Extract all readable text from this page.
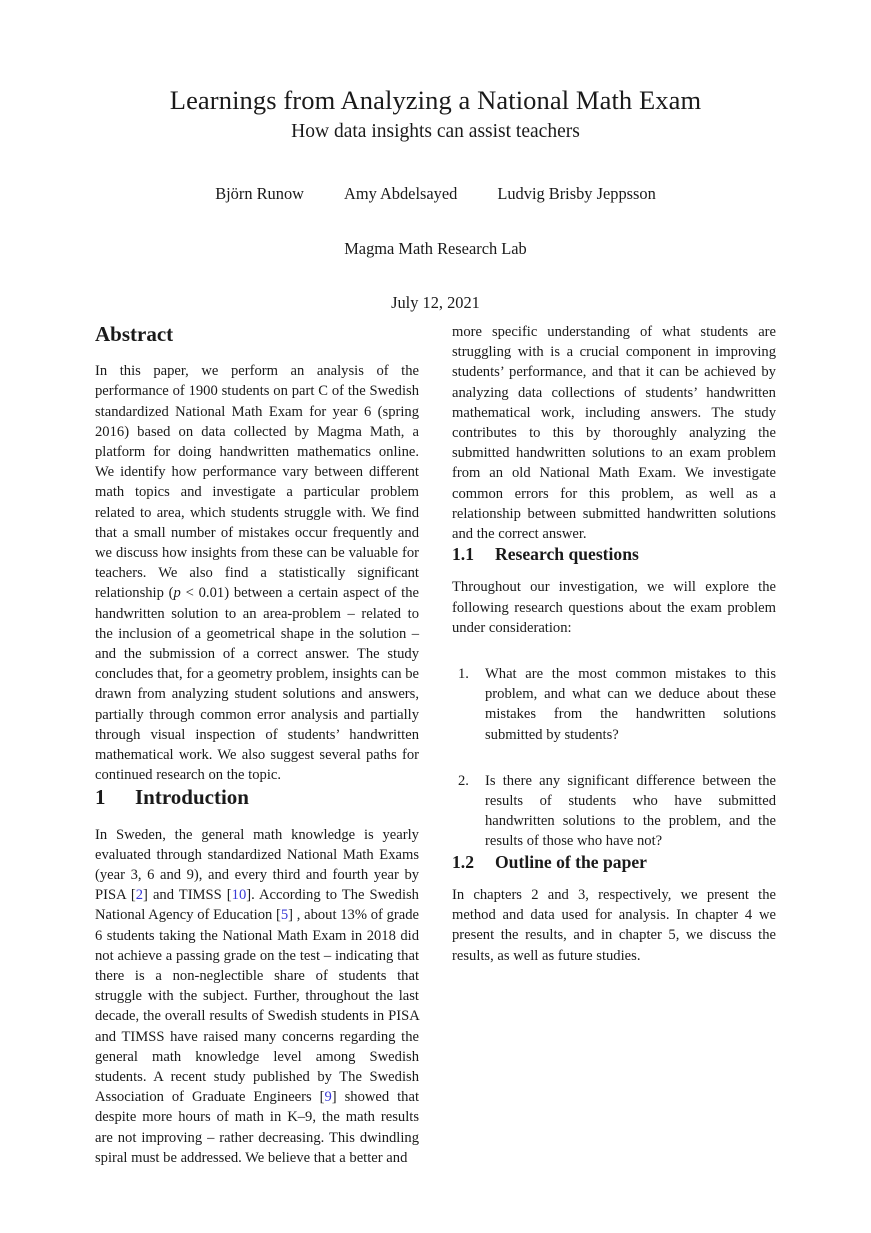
Learnings from Analyzing a National Math Exam
How data insights can assist teachers
Björn Runow Amy Abdelsayed Ludvig Brisby Jeppsson
Magma Math Research Lab
July 12, 2021
Abstract

In this paper, we perform an analysis of the performance of 1900 students on part C of the Swedish standardized National Math Exam for year 6 (spring 2016) based on data collected by Magma Math, a platform for doing handwritten mathematics online. We identify how performance vary between different math topics and investigate a particular problem related to area, which students struggle with. We find that a small number of mistakes occur frequently and we discuss how insights from these can be valuable for teachers. We also find a statistically significant relationship (p < 0.01) between a certain aspect of the handwritten solution to an area-problem – related to the inclusion of a geometrical shape in the solution – and the submission of a correct answer. The study concludes that, for a geometry problem, insights can be drawn from analyzing student solutions and answers, partially through common error analysis and partially through visual inspection of students’ handwritten mathematical work. We also suggest several paths for continued research on the topic.

1	Introduction

In Sweden, the general math knowledge is yearly evaluated through standardized National Math Exams (year 3, 6 and 9), and every third and fourth year by PISA [2] and TIMSS [10]. According to The Swedish National Agency of Education [5] , about 13% of grade 6 students taking the National Math Exam in 2018 did not achieve a passing grade on the test – indicating that there is a non-neglectible share of students that struggle with the subject. Further, throughout the last decade, the overall results of Swedish students in PISA and TIMSS have raised many concerns regarding the general math knowledge level among Swedish students. A recent study published by The Swedish Association of Graduate Engineers [9] showed that despite more hours of math in K–9, the math results are not improving – rather decreasing. This dwindling spiral must be addressed. We believe that a better and

more specific understanding of what students are struggling with is a crucial component in improving students’ performance, and that it can be achieved by analyzing data collections of students’ handwritten mathematical work, including answers. The study contributes to this by thoroughly analyzing the submitted handwritten solutions to an exam problem from an old National Math Exam. We investigate common errors for this problem, as well as a relationship between submitted handwritten solutions and the correct answer.

1.1	Research questions

Throughout our investigation, we will explore the following research questions about the exam problem under consideration:

What are the most common mistakes to this problem, and what can we deduce about these mistakes from the handwritten solutions submitted by students?
Is there any significant difference between the results of students who have submitted handwritten solutions to the problem, and the results of those who have not?
1.2	Outline of the paper

In chapters 2 and 3, respectively, we present the method and data used for analysis. In chapter 4 we present the results, and in chapter 5, we discuss the results, as well as future studies.
